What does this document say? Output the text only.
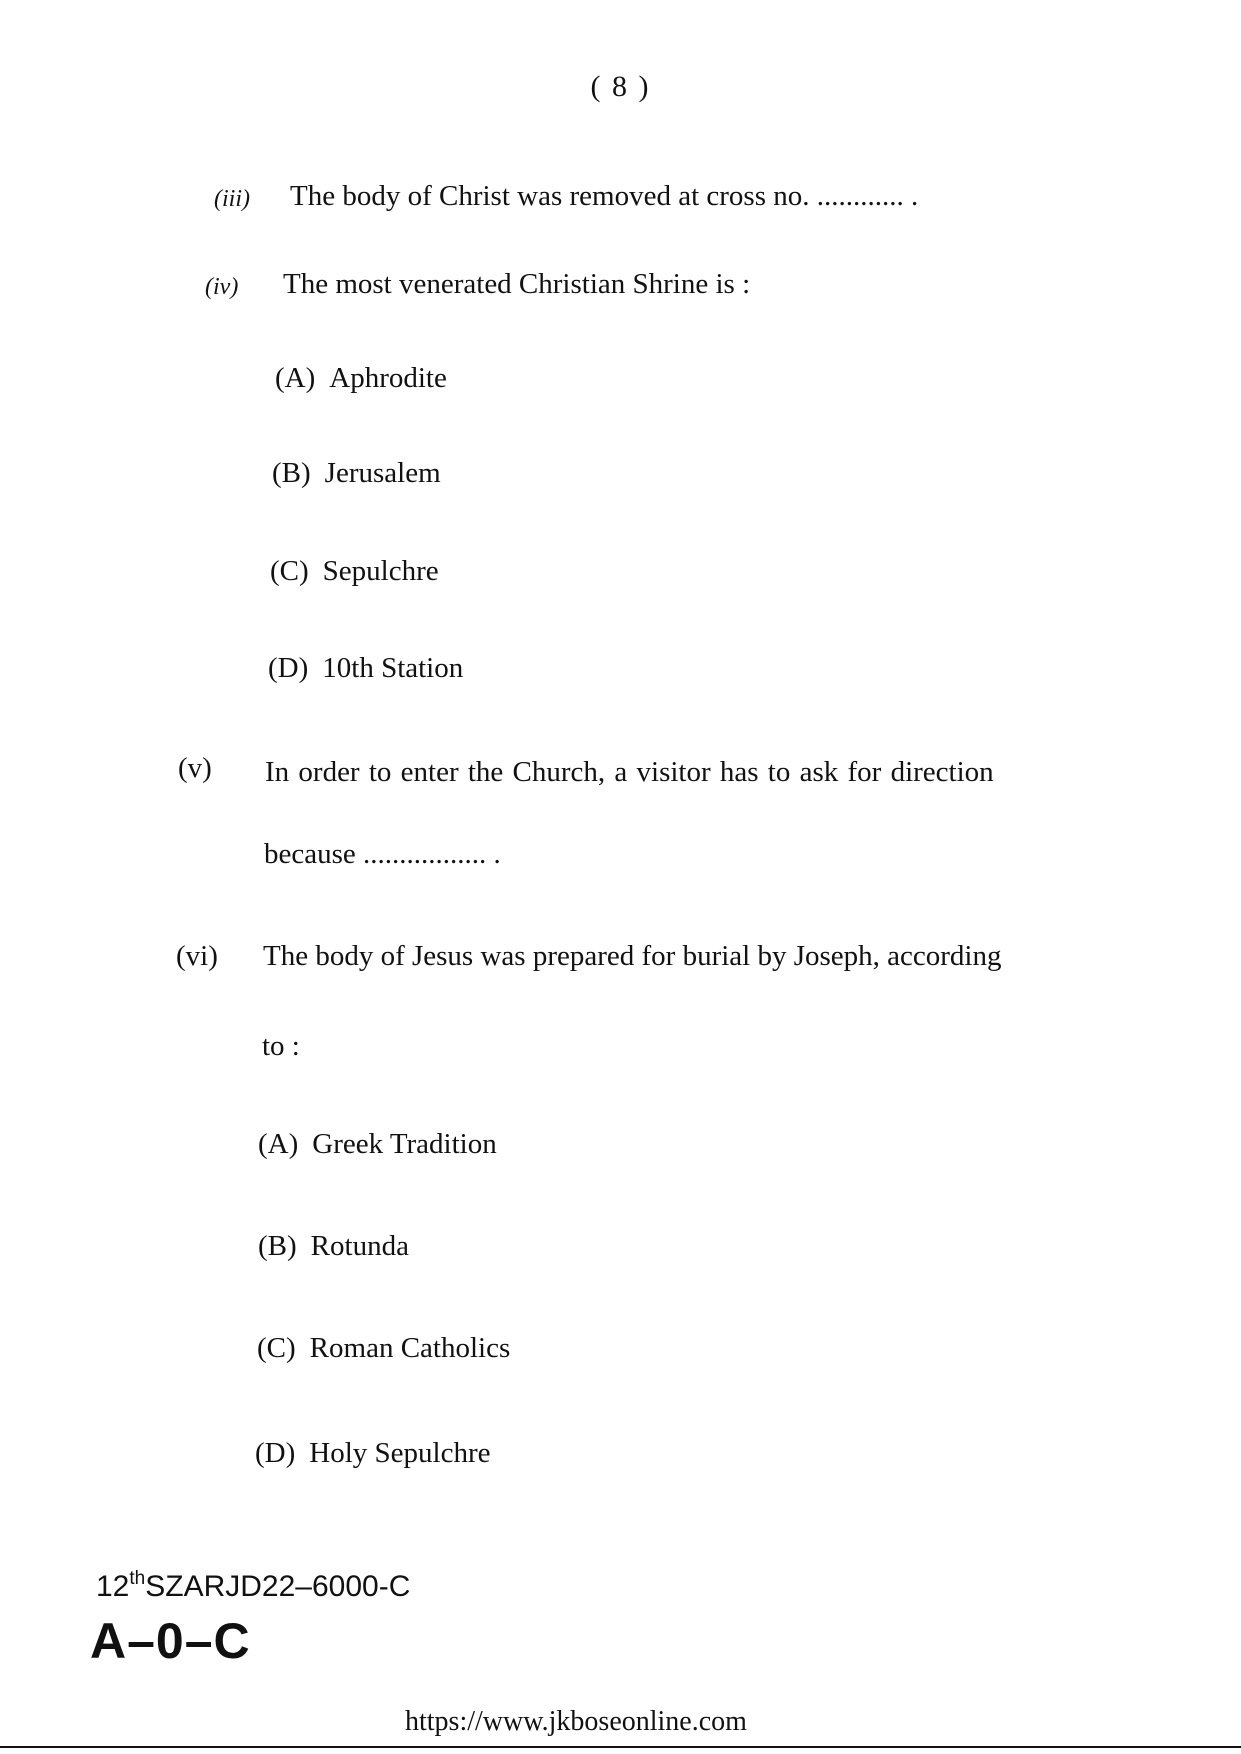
( 8 )
(iii) The body of Christ was removed at cross no. ............ .
(iv) The most venerated Christian Shrine is :
(A) Aphrodite
(B) Jerusalem
(C) Sepulchre
(D) 10th Station
(v) In order to enter the Church, a visitor has to ask for direction
because ................. .
(vi) The body of Jesus was prepared for burial by Joseph, according
to :
(A) Greek Tradition
(B) Rotunda
(C) Roman Catholics
(D) Holy Sepulchre
12thSZARJD22–6000-C
A–0–C
https://www.jkboseonline.com
